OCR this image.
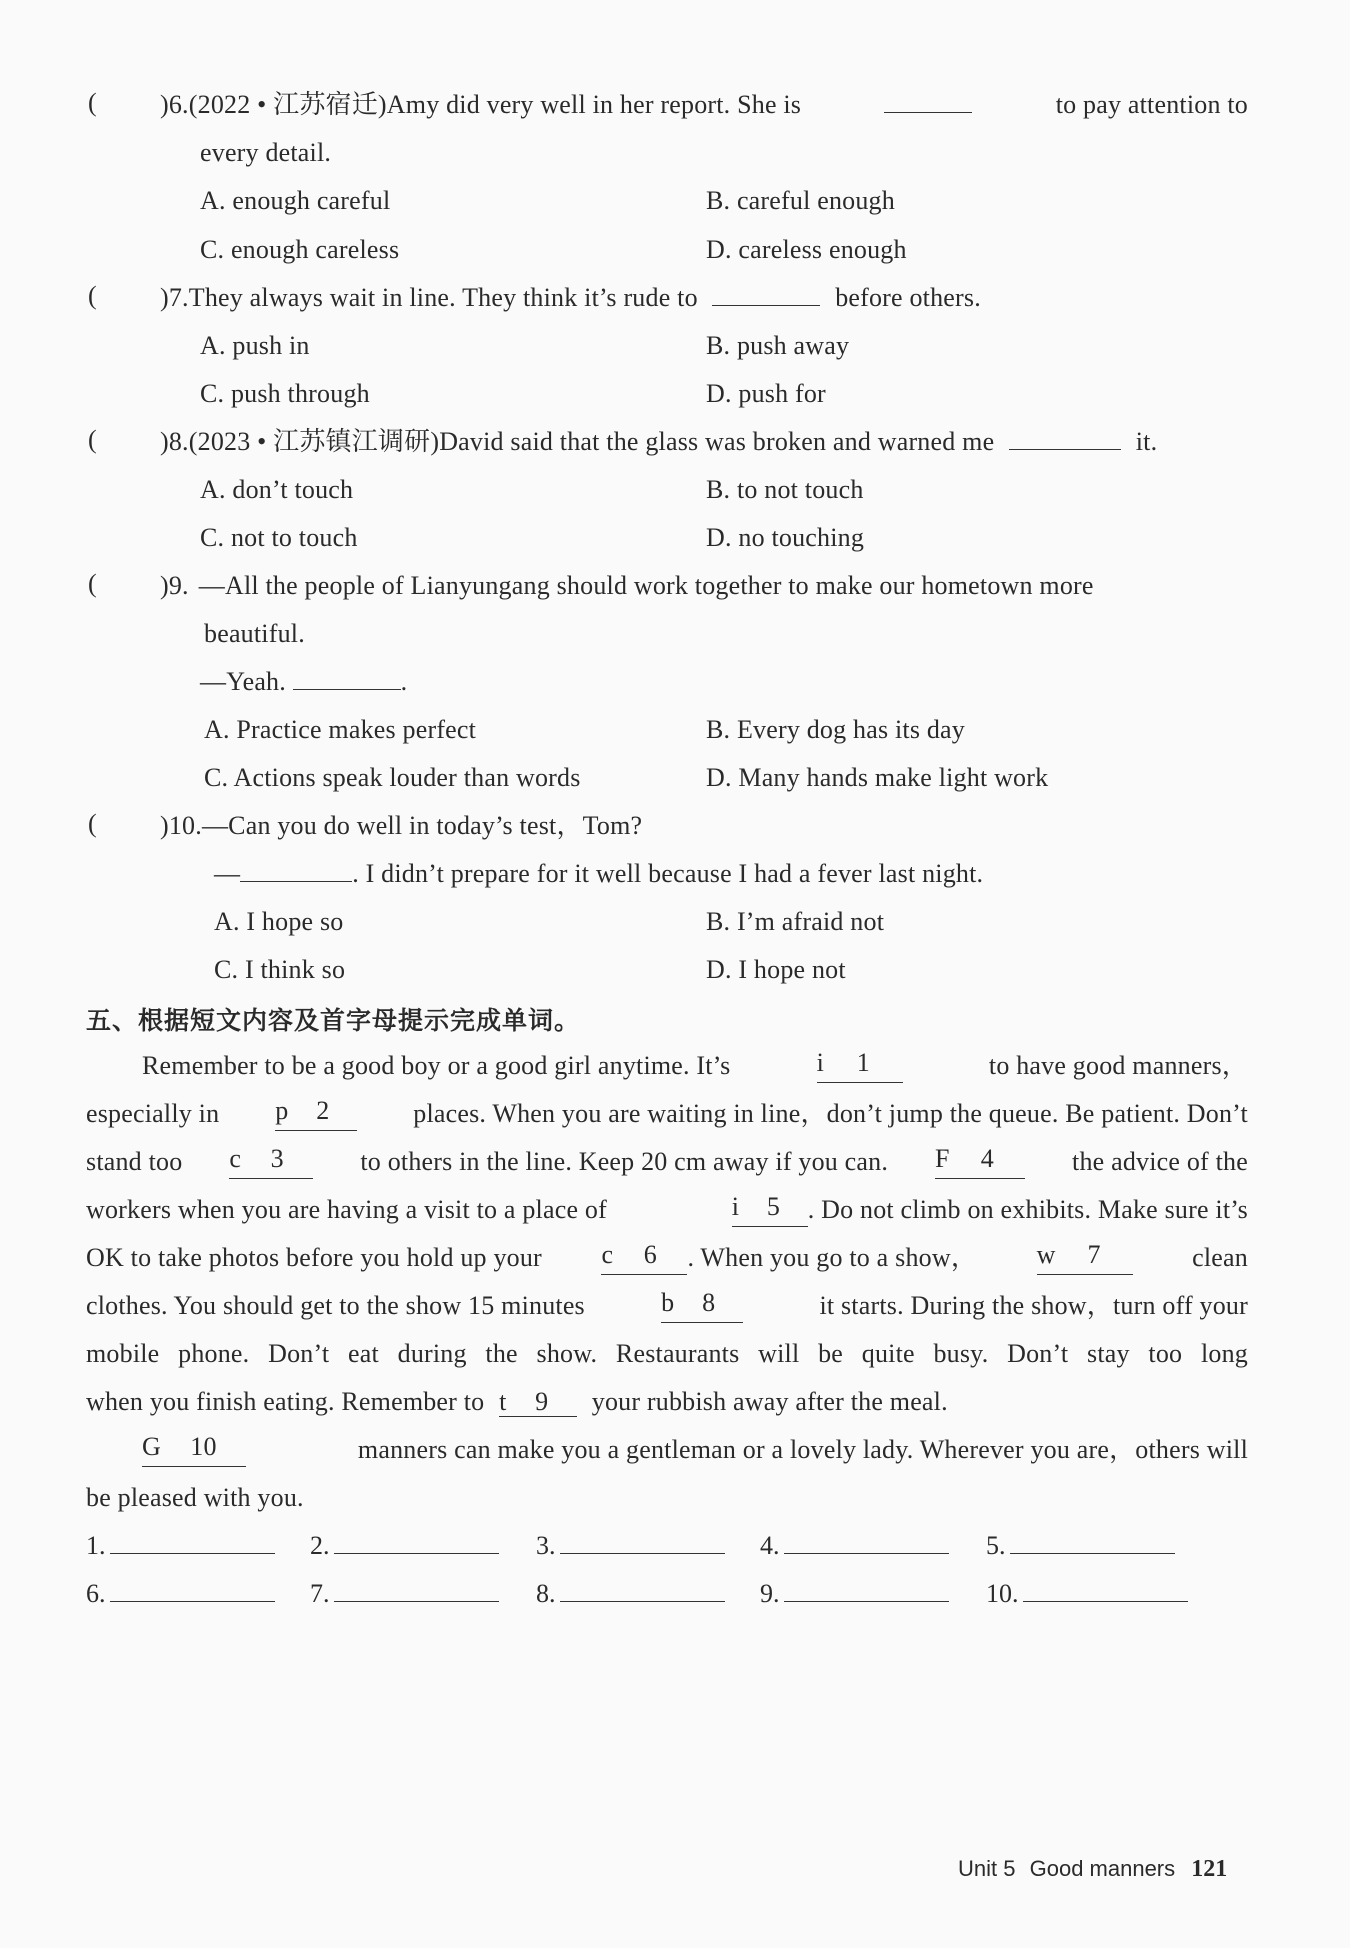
( )6.(2022 • 江苏宿迁)Amy did very well in her report. She is	to pay attention to
every detail.
A. enough careful	B. careful enough
C. enough careless	D. careless enough
( )7.They always wait in line. They think it’s rude to	before others.
A. push in	B. push away
C. push through	D. push for
( )8.(2023 • 江苏镇江调研)David said that the glass was broken and warned me	it.
A. don’t touch	B. to not touch
C. not to touch	D. no touching
( )9. —All the people of Lianyungang should work together to make our hometown more
beautiful.
—Yeah.	.
A. Practice makes perfect	B. Every dog has its day
C. Actions speak louder than words	D. Many hands make light work
( )10.—Can you do well in today’s test，Tom?
—	. I didn’t prepare for it well because I had a fever last night.
A. I hope so	B. I’m afraid not
C. I think so	D. I hope not
五、根据短文内容及首字母提示完成单词。
Remember to be a good boy or a good girl anytime. It’s	i 1	to have good manners，
especially in p 2	places. When you are waiting in line，don’t jump the queue. Be patient. Don’t
stand too c 3	to others in the line. Keep 20 cm away if you can. F 4	the advice of the
workers when you are having a visit to a place of	i 5	. Do not climb on exhibits. Make sure it’s
OK to take photos before you hold up your c 6	. When you go to a show， w 7	clean
clothes. You should get to the show 15 minutes	b 8	it starts. During the show，turn off your
mobile phone. Don’t eat during the show. Restaurants will be quite busy. Don’t stay too long
when you finish eating. Remember to t 9 your rubbish away after the meal.
G 10	manners can make you a gentleman or a lovely lady. Wherever you are，others will
be pleased with you.
1.	2.	3.	4.	5.
6.	7.	8.	9.	10.
Unit 5 Good manners 121
